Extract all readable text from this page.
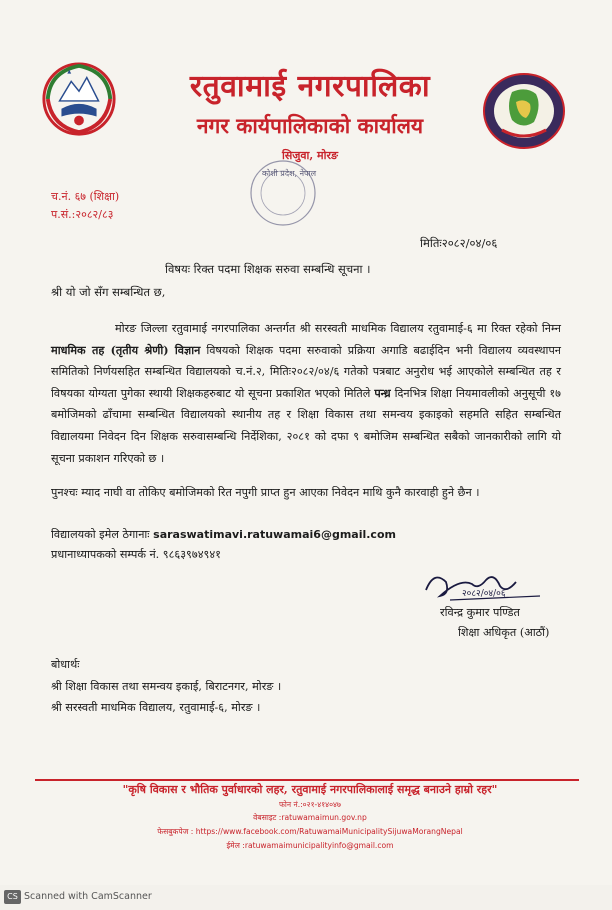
रतुवामाई नगरपालिका
नगर कार्यपालिकाको कार्यालय
सिजुवा, मोरङ
कोशी प्रदेश, नेपाल
च.नं. ६७ (शिक्षा)
प.सं.:२०८२/८३
मितिः२०८२/०४/०६
विषयः रिक्त पदमा शिक्षक सरुवा सम्बन्धि सूचना ।
श्री यो जो सँग सम्बन्धित छ,
मोरङ जिल्ला रतुवामाई नगरपालिका अन्तर्गत श्री सरस्वती माधमिक विद्यालय रतुवामाई-६ मा रिक्त रहेको निम्न माधमिक तह (तृतीय श्रेणी) विज्ञान विषयको शिक्षक पदमा सरुवाको प्रक्रिया अगाडि बढाईदिन भनी विद्यालय व्यवस्थापन समितिको निर्णयसहित सम्बन्धित विद्यालयको च.नं.२, मितिः२०८२/०४/६ गतेको पत्रबाट अनुरोध भई आएकोले सम्बन्धित तह र विषयका योग्यता पुगेका स्थायी शिक्षकहरुबाट यो सूचना प्रकाशित भएको मितिले पन्ध्र दिनभित्र शिक्षा नियमावलीको अनुसूची १७ बमोजिमको ढाँचामा सम्बन्धित विद्यालयको स्थानीय तह र शिक्षा विकास तथा समन्वय इकाइको सहमति सहित सम्बन्धित विद्यालयमा निवेदन दिन शिक्षक सरुवासम्बन्धि निर्देशिका, २०८१ को दफा ९ बमोजिम सम्बन्धित सबैको जानकारीको लागि यो सूचना प्रकाशन गरिएको छ ।
पुनश्चः म्याद नाघी वा तोकिए बमोजिमको रित नपुगी प्राप्त हुन आएका निवेदन माथि कुनै कारवाही हुने छैन ।
विद्यालयको इमेल ठेगानाः saraswatimavi.ratuwamai6@gmail.com
प्रधानाध्यापकको सम्पर्क नं. ९८६३९७४९४१
२०८२/०४/०६
रविन्द्र कुमार पण्डित
शिक्षा अधिकृत (आठौं)
बोधार्थः
श्री शिक्षा विकास तथा समन्वय इकाई, बिराटनगर, मोरङ ।
श्री सरस्वती माधमिक विद्यालय, रतुवामाई-६, मोरङ ।
"कृषि विकास र भौतिक पुर्वाधारको लहर, रतुवामाई नगरपालिकालाई समृद्ध बनाउने हाम्रो रहर"
फोन नं.:०२१-४१४०४७
वेबसाइट :ratuwamaimun.gov.np
फेसबुकपेज : https://www.facebook.com/RatuwamaiMunicipalitySijuwaMorangNepal
ईमेल :ratuwamaimunicipalityinfo@gmail.com
CS Scanned with CamScanner
